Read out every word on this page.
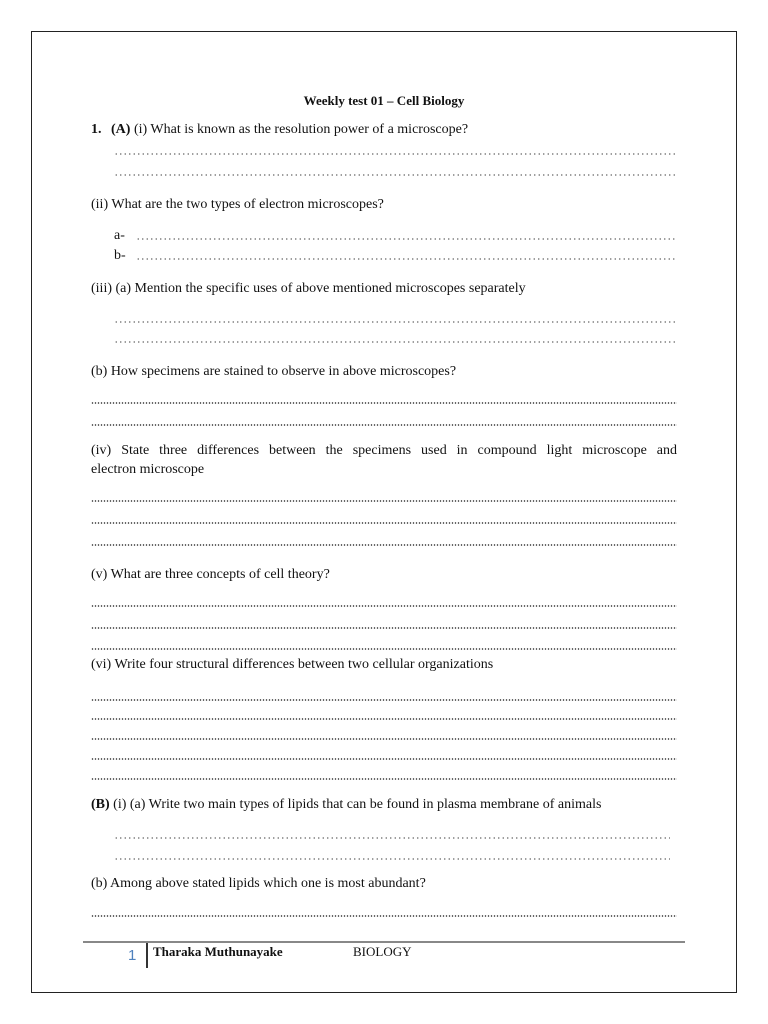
Weekly test 01 – Cell Biology
1. (A) (i) What is known as the resolution power of a microscope?
(ii) What are the two types of electron microscopes?
a-
b-
(iii) (a) Mention the specific uses of above mentioned microscopes separately
(b) How specimens are stained to observe in above microscopes?
(iv) State three differences between the specimens used in compound light microscope and
electron microscope
(v) What are three concepts of cell theory?
(vi) Write four structural differences between two cellular organizations
(B) (i) (a) Write two main types of lipids that can be found in plasma membrane of animals
(b) Among above stated lipids which one is most abundant?
1 Tharaka Muthunayake	BIOLOGY
